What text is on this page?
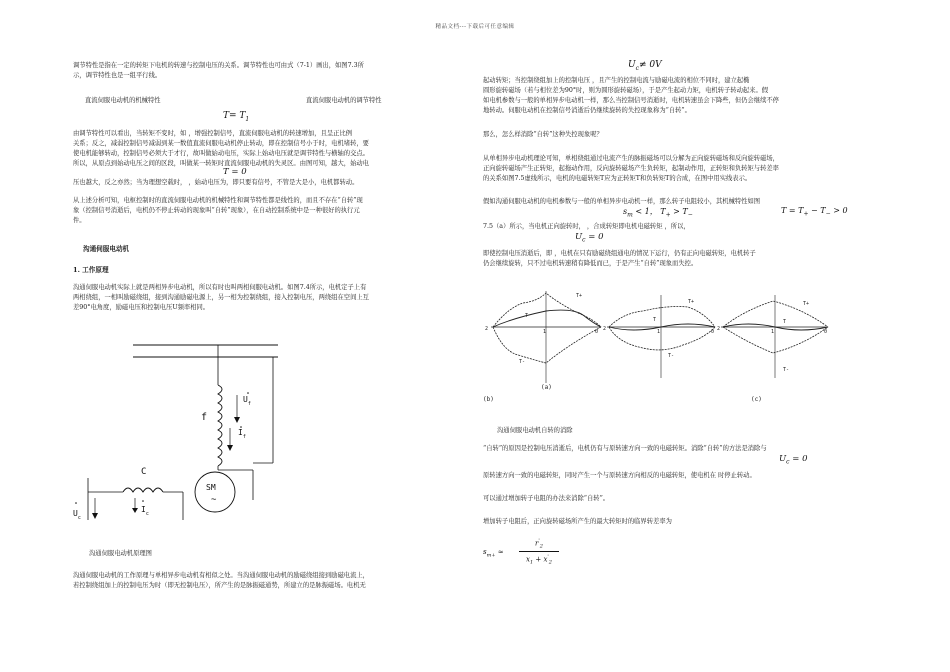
精品文档---下载后可任意编辑

调节特性是指在一定的转矩下电机的转速与控制电压的关系。调节特性也可由式（7-1）画出，如图7.3所

示，调节特性也是一组平行线。

直流伺服电动机的机械特性	直流伺服电动机的调节特性
$T= T_1$

由调节特性可以看出，当转矩不变时，如 ，增强控制信号，直流伺服电动机的转速增加，且呈正比例

关系；反之，减弱控制信号减弱到某一数值直流伺服电动机停止转动，即在控制信号小于时，电机堵转，要

使电机能够转动，控制信号必须大于才行，故叫做始动电压，实际上始动电压就是调节特性与横轴的交点。

所以，从原点到始动电压之间的区段，叫做某一转矩时直流伺服电动机的失灵区。由图可知，越大，始动电

T = 0

压也越大，反之亦然；当为理想空载时， ，始动电压为，即只要有信号，不管是大是小，电机都转动。

从上述分析可知，电枢控制时的直流伺服电动机的机械特性和调节特性都是线性的，而且不存在“自转”现

象（控制信号消逝后，电机仍不停止转动的现象叫“自转”现象），在自动控制系统中是一种很好的执行元

件。

沟通伺服电动机
1. 工作原理

沟通伺服电动机实际上就是两相异步电动机，所以有时也叫两相伺服电动机。如图7.4所示，电机定子上有

两相绕组，一相叫励磁绕组，接到沟通励磁电源上，另一相为控制绕组，接入控制电压，两绕组在空间上互

差90°电角度，励磁电压和控制电压U频率相同。

f
$U_f$
$I_f$
C
$U_c$
$I_c$
SM
~
沟通伺服电动机原理图

沟通伺服电动机的工作原理与单相异步电动机有相似之处。当沟通伺服电动机的励磁绕组接到励磁电流上，

若控制绕组加上的控制电压为时（即无控制电压），所产生的是脉振磁通势，所建立的是脉振磁场。电机无

$U_c\ne 0V$

起动转矩；当控制绕组加上的控制电压 ，且产生的控制电流与励磁电流的相位不同时，建立起椭

圆形旋转磁场（若与相位差为90°时，则为圆形旋转磁场），于是产生起动力矩，电机转子转动起来。假

如电机参数与一般的单相异步电动机一样，那么当控制信号消逝时，电机转速虽会下降些，但仍会继续不停

地转动。伺服电动机在控制信号消逝后仍继续旋转的失控现象称为“自转”。

那么，怎么样消除“自转”这种失控现象呢？

从单相异步电动机理论可知，单相绕组通过电流产生的脉振磁场可以分解为正向旋转磁场和反向旋转磁场，

正向旋转磁场产生正转矩，起拖动作用，反向旋转磁场产生负转矩，起制动作用，正转矩和负转矩与转差率

的关系如图7.5虚线所示，电机的电磁转矩T应为正转矩T和负转矩T的合成，在图中用实线表示。

假如沟通伺服电动机的电机参数与一般的单相异步电动机一样，那么转子电阻较小，其机械特性如图

$s_m < 1$， $T_+ > T_-$
$T = T_+ - T_- > 0$

7.5（a）所示，当电机正向旋转时， ，合成转矩即电机电磁转矩 ，所以，

$U_c = 0$

即使控制电压消逝后，即 ，电机在只有励磁绕组通电的情况下运行，仍有正向电磁转矩，电机转子

仍会继续旋转，只不过电机转速稍有降低而已，于是产生“自转”现象而失控。

T
T+
T-
2	1	0
T
T+
T-
2	1	0
T
T+
T-
2	1	0
(a)
(b)	(c)
沟通伺服电动机自转的消除

“自转”的原因是控制电压消逝后，电机仍有与原转速方向一致的电磁转矩。消除“自转”的方法是消除与

$U_c = 0$

原转速方向一致的电磁转矩，同时产生一个与原转速方向相反的电磁转矩，使电机在 时停止转动。

可以通过增加转子电阻的办法来消除“自转”。

增加转子电阻后，正向旋转磁场所产生的最大转矩时的临界转差率为

$s_{m+}$ ≈
$r'_2$
$x_1 + x'_2$
